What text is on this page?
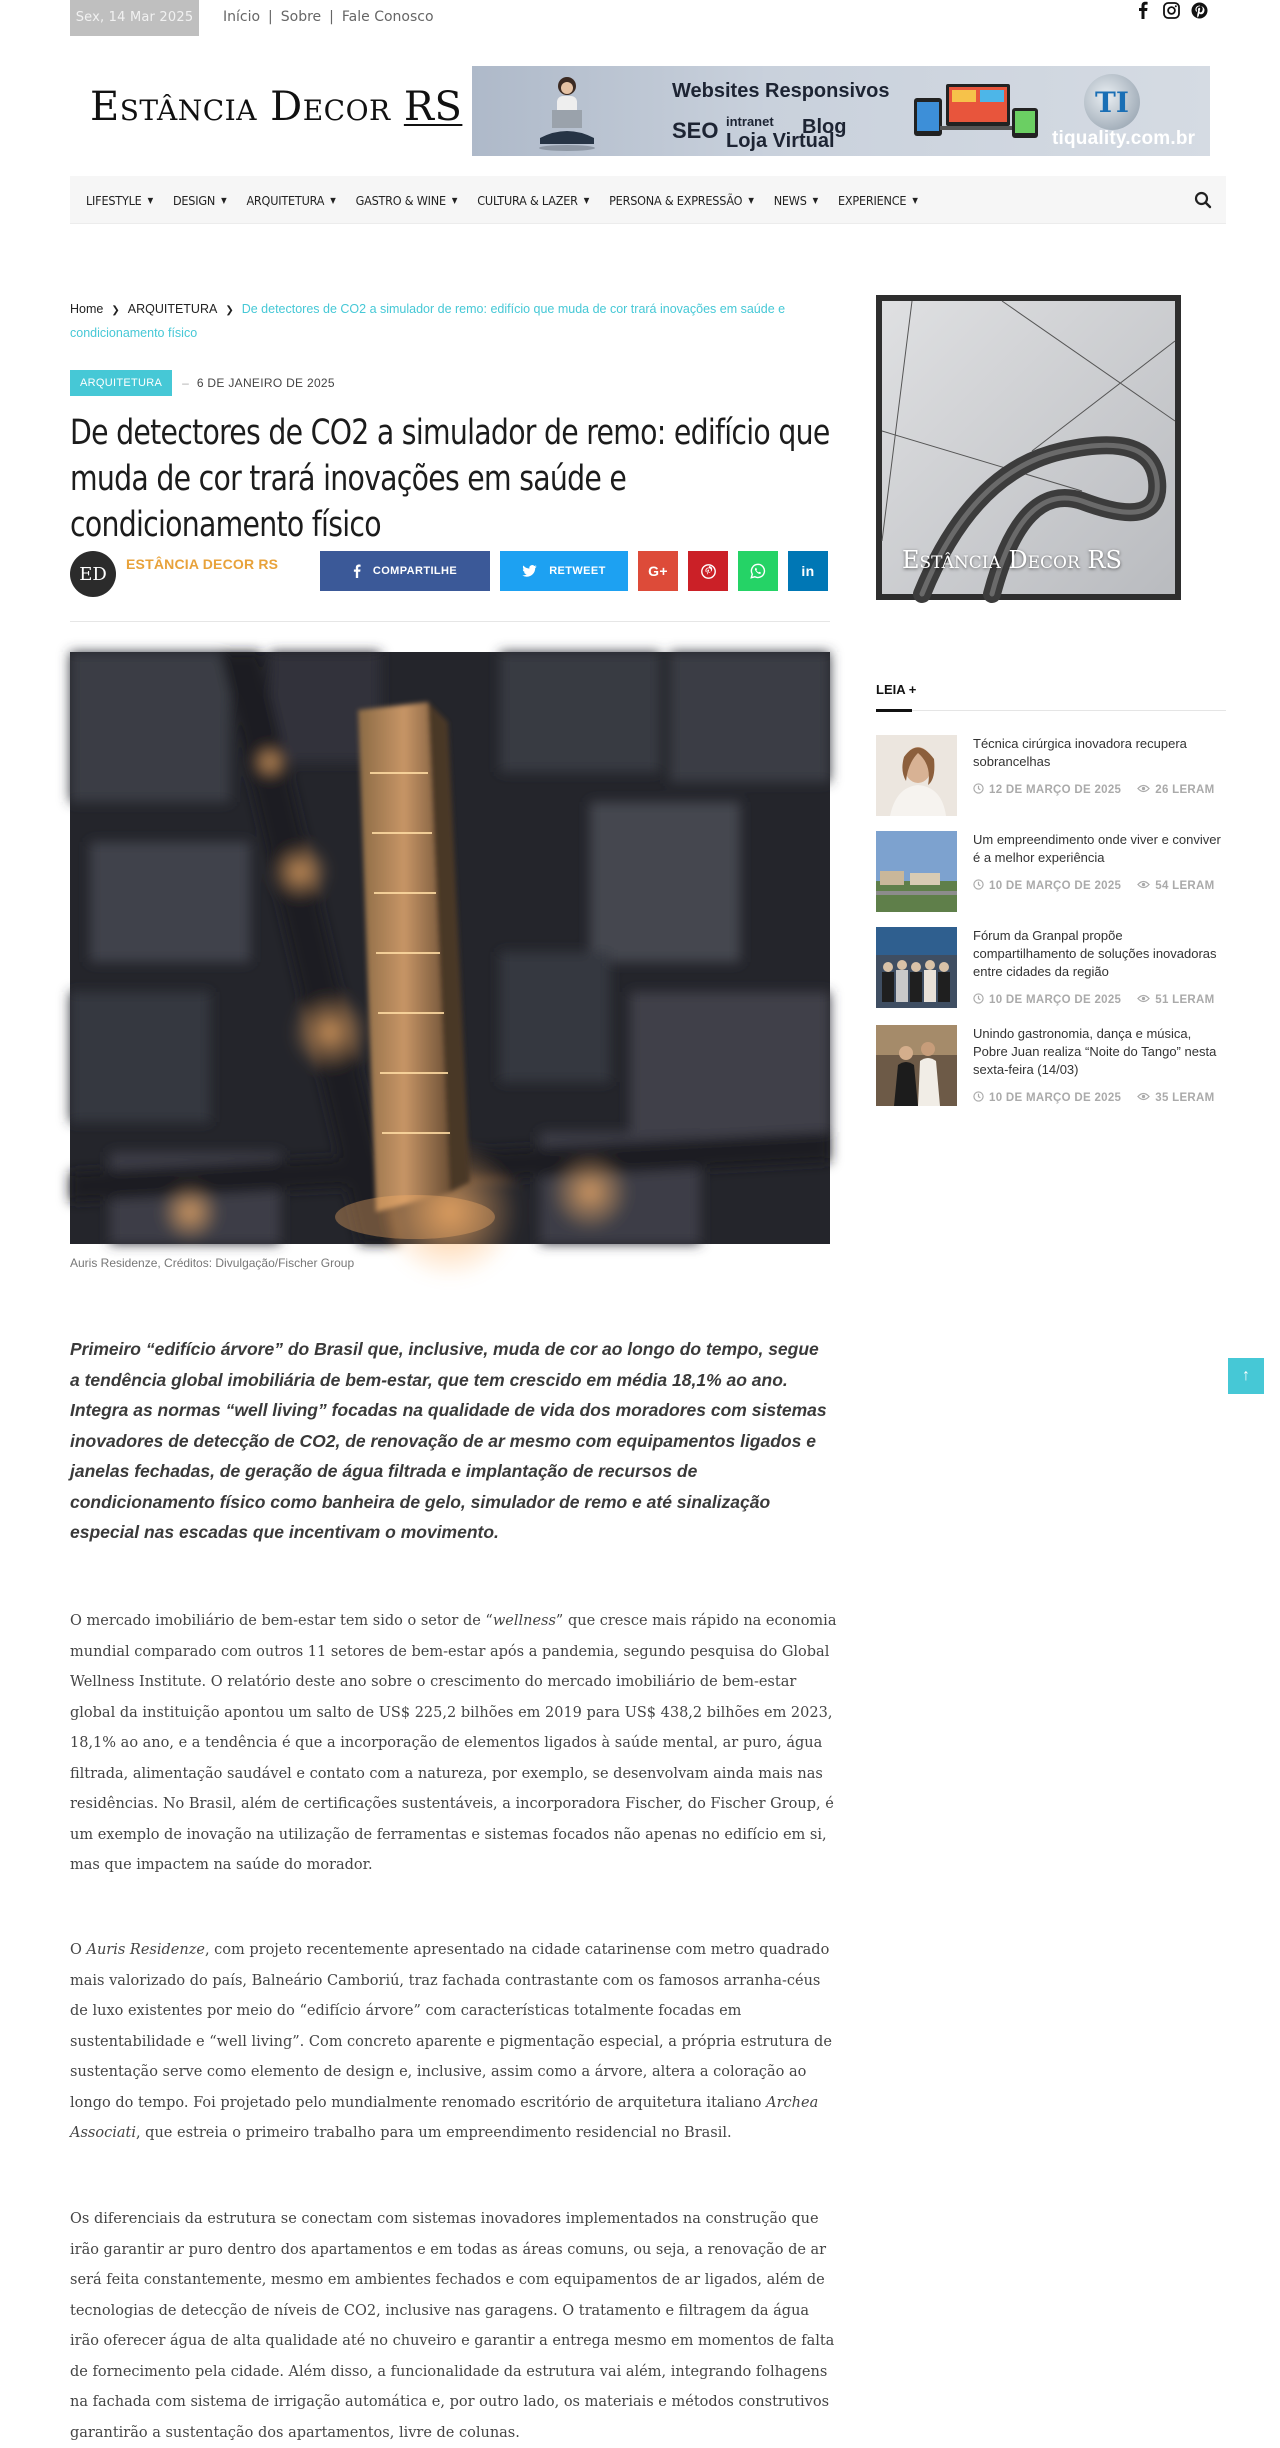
Sex, 14 Mar 2025	Início | Sobre | Fale Conosco
Estância Decor RS	Websites Responsivos
SEO intranet
Loja Virtual
Blog
TI
tiquality.com.br
LIFESTYLE ▼ DESIGN ▼ ARQUITETURA ▼ GASTRO & WINE ▼ CULTURA & LAZER ▼ PERSONA & EXPRESSÃO ▼ NEWS ▼ EXPERIENCE ▼
Home ❯ ARQUITETURA ❯ De detectores de CO2 a simulador de remo: edifício que muda de cor trará inovações em saúde e condicionamento físico
ARQUITETURA	– 6 DE JANEIRO DE 2025
De detectores de CO2 a simulador de remo: edifício que muda de cor trará inovações em saúde e condicionamento físico
ED	ESTÂNCIA DECOR RS	COMPARTILHE	RETWEET	G+	in
Auris Residenze, Créditos: Divulgação/Fischer Group

Primeiro “edifício árvore” do Brasil que, inclusive, muda de cor ao longo do tempo, segue a tendência global imobiliária de bem-estar, que tem crescido em média 18,1% ao ano. Integra as normas “well living” focadas na qualidade de vida dos moradores com sistemas inovadores de detecção de CO2, de renovação de ar mesmo com equipamentos ligados e janelas fechadas, de geração de água filtrada e implantação de recursos de condicionamento físico como banheira de gelo, simulador de remo e até sinalização especial nas escadas que incentivam o movimento.

O mercado imobiliário de bem-estar tem sido o setor de “wellness” que cresce mais rápido na economia mundial comparado com outros 11 setores de bem-estar após a pandemia, segundo pesquisa do Global Wellness Institute. O relatório deste ano sobre o crescimento do mercado imobiliário de bem-estar global da instituição apontou um salto de US$ 225,2 bilhões em 2019 para US$ 438,2 bilhões em 2023, 18,1% ao ano, e a tendência é que a incorporação de elementos ligados à saúde mental, ar puro, água filtrada, alimentação saudável e contato com a natureza, por exemplo, se desenvolvam ainda mais nas residências. No Brasil, além de certificações sustentáveis, a incorporadora Fischer, do Fischer Group, é um exemplo de inovação na utilização de ferramentas e sistemas focados não apenas no edifício em si, mas que impactem na saúde do morador.

O Auris Residenze, com projeto recentemente apresentado na cidade catarinense com metro quadrado mais valorizado do país, Balneário Camboriú, traz fachada contrastante com os famosos arranha-céus de luxo existentes por meio do “edifício árvore” com características totalmente focadas em sustentabilidade e “well living”. Com concreto aparente e pigmentação especial, a própria estrutura de sustentação serve como elemento de design e, inclusive, assim como a árvore, altera a coloração ao longo do tempo. Foi projetado pelo mundialmente renomado escritório de arquitetura italiano Archea Associati, que estreia o primeiro trabalho para um empreendimento residencial no Brasil.

Os diferenciais da estrutura se conectam com sistemas inovadores implementados na construção que irão garantir ar puro dentro dos apartamentos e em todas as áreas comuns, ou seja, a renovação de ar será feita constantemente, mesmo em ambientes fechados e com equipamentos de ar ligados, além de tecnologias de detecção de níveis de CO2, inclusive nas garagens. O tratamento e filtragem da água irão oferecer água de alta qualidade até no chuveiro e garantir a entrega mesmo em momentos de falta de fornecimento pela cidade. Além disso, a funcionalidade da estrutura vai além, integrando folhagens na fachada com sistema de irrigação automática e, por outro lado, os materiais e métodos construtivos garantirão a sustentação dos apartamentos, livre de colunas.

Estância Decor RS
LEIA +
Técnica cirúrgica inovadora recupera sobrancelhas
12 DE MARÇO DE 2025	26 LERAM
Um empreendimento onde viver e conviver é a melhor experiência
10 DE MARÇO DE 2025	54 LERAM
Fórum da Granpal propõe compartilhamento de soluções inovadoras entre cidades da região
10 DE MARÇO DE 2025	51 LERAM
Unindo gastronomia, dança e música, Pobre Juan realiza “Noite do Tango” nesta sexta-feira (14/03)
10 DE MARÇO DE 2025	35 LERAM
↑
